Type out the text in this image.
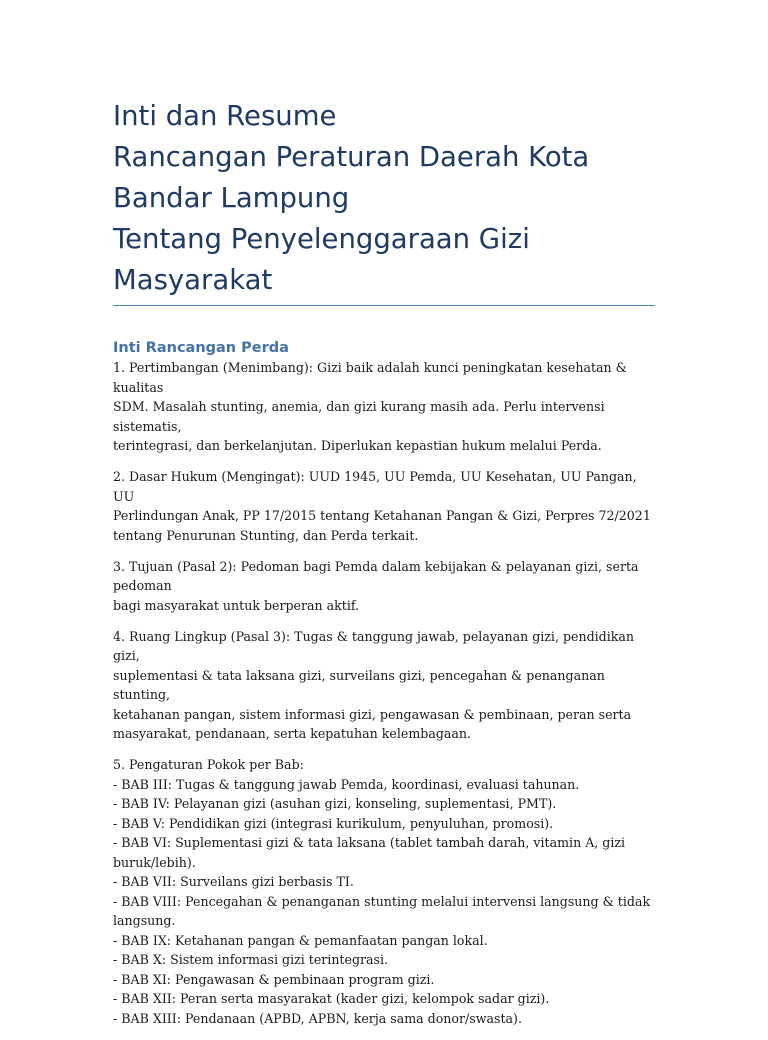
Inti dan Resume
Rancangan Peraturan Daerah Kota
Bandar Lampung
Tentang Penyelenggaraan Gizi
Masyarakat
Inti Rancangan Perda

1. Pertimbangan (Menimbang): Gizi baik adalah kunci peningkatan kesehatan & kualitas
SDM. Masalah stunting, anemia, dan gizi kurang masih ada. Perlu intervensi sistematis,
terintegrasi, dan berkelanjutan. Diperlukan kepastian hukum melalui Perda.

2. Dasar Hukum (Mengingat): UUD 1945, UU Pemda, UU Kesehatan, UU Pangan, UU
Perlindungan Anak, PP 17/2015 tentang Ketahanan Pangan & Gizi, Perpres 72/2021
tentang Penurunan Stunting, dan Perda terkait.

3. Tujuan (Pasal 2): Pedoman bagi Pemda dalam kebijakan & pelayanan gizi, serta pedoman
bagi masyarakat untuk berperan aktif.

4. Ruang Lingkup (Pasal 3): Tugas & tanggung jawab, pelayanan gizi, pendidikan gizi,
suplementasi & tata laksana gizi, surveilans gizi, pencegahan & penanganan stunting,
ketahanan pangan, sistem informasi gizi, pengawasan & pembinaan, peran serta
masyarakat, pendanaan, serta kepatuhan kelembagaan.

5. Pengaturan Pokok per Bab:
- BAB III: Tugas & tanggung jawab Pemda, koordinasi, evaluasi tahunan.
- BAB IV: Pelayanan gizi (asuhan gizi, konseling, suplementasi, PMT).
- BAB V: Pendidikan gizi (integrasi kurikulum, penyuluhan, promosi).
- BAB VI: Suplementasi gizi & tata laksana (tablet tambah darah, vitamin A, gizi
buruk/lebih).
- BAB VII: Surveilans gizi berbasis TI.
- BAB VIII: Pencegahan & penanganan stunting melalui intervensi langsung & tidak
langsung.
- BAB IX: Ketahanan pangan & pemanfaatan pangan lokal.
- BAB X: Sistem informasi gizi terintegrasi.
- BAB XI: Pengawasan & pembinaan program gizi.
- BAB XII: Peran serta masyarakat (kader gizi, kelompok sadar gizi).
- BAB XIII: Pendanaan (APBD, APBN, kerja sama donor/swasta).
